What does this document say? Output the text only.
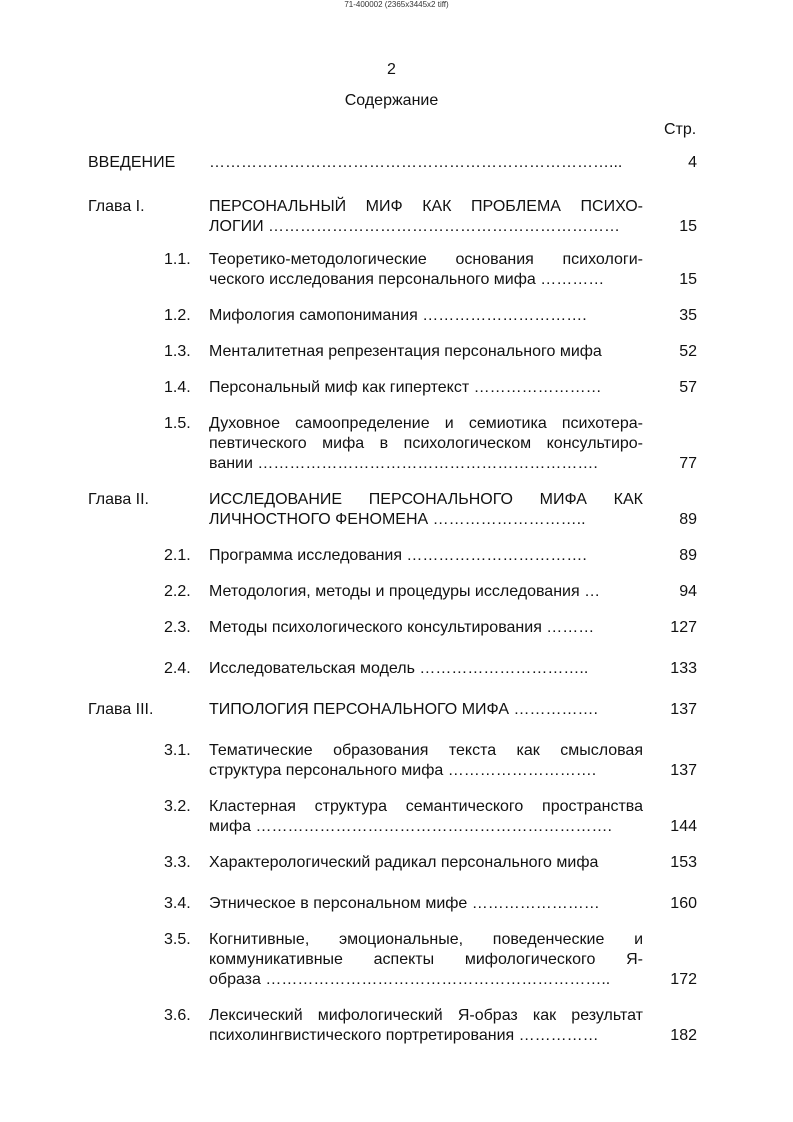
71-400002 (2365x3445x2 tiff)
2
Содержание
Стр.
ВВЕДЕНИЕ …………………………………………………………………...	4
Глава I.	ПЕРСОНАЛЬНЫЙ МИФ КАК ПРОБЛЕМА ПСИХО-
ЛОГИИ …………………………………………………………	15
1.1. Теоретико-методологические основания психологи-
ческого исследования персонального мифа …………	15
1.2. Мифология самопонимания ………………………….	35
1.3. Менталитетная репрезентация персонального мифа	52
1.4. Персональный миф как гипертекст ……………………	57
1.5. Духовное самоопределение и семиотика психотера-
певтического мифа в психологическом консультиро-
вании ……………………………………………………….	77
Глава II.	ИССЛЕДОВАНИЕ ПЕРСОНАЛЬНОГО МИФА КАК
ЛИЧНОСТНОГО ФЕНОМЕНА ………………………..	89
2.1. Программа исследования …………………………….	89
2.2. Методология, методы и процедуры исследования …	94
2.3. Методы психологического консультирования ………	127
2.4. Исследовательская модель …………………………..	133
Глава III.	ТИПОЛОГИЯ ПЕРСОНАЛЬНОГО МИФА …………….	137
3.1. Тематические образования текста как смысловая
структура персонального мифа ……………………….	137
3.2. Кластерная структура семантического пространства
мифа ………………………………………………………….	144
3.3. Характерологический радикал персонального мифа	153
3.4. Этническое в персональном мифе ……………………	160
3.5. Когнитивные, эмоциональные, поведенческие и
коммуникативные аспекты мифологического Я-
образа ………………………………………………………..	172
3.6. Лексический мифологический Я-образ как результат
психолингвистического портретирования ……………	182
